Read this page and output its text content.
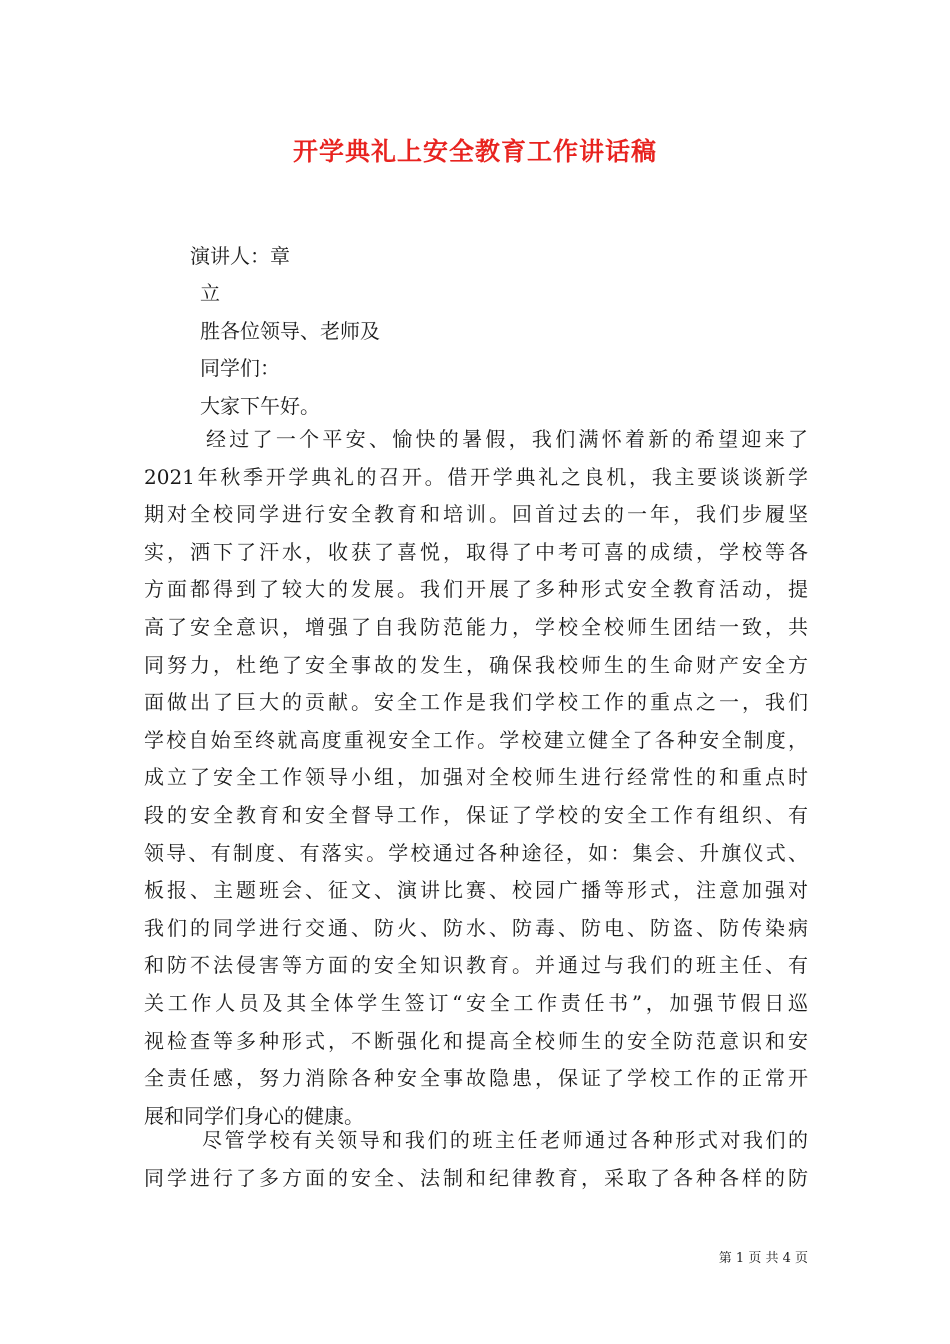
开学典礼上安全教育工作讲话稿
演讲人：章
立
胜各位领导、老师及
同学们：
大家下午好。
经过了一个平安、愉快的暑假，我们满怀着新的希望迎来了
2021年秋季开学典礼的召开。借开学典礼之良机，我主要谈谈新学
期对全校同学进行安全教育和培训。回首过去的一年，我们步履坚
实，洒下了汗水，收获了喜悦，取得了中考可喜的成绩，学校等各
方面都得到了较大的发展。我们开展了多种形式安全教育活动，提
高了安全意识，增强了自我防范能力，学校全校师生团结一致，共
同努力，杜绝了安全事故的发生，确保我校师生的生命财产安全方
面做出了巨大的贡献。安全工作是我们学校工作的重点之一，我们
学校自始至终就高度重视安全工作。学校建立健全了各种安全制度，
成立了安全工作领导小组，加强对全校师生进行经常性的和重点时
段的安全教育和安全督导工作，保证了学校的安全工作有组织、有
领导、有制度、有落实。学校通过各种途径，如：集会、升旗仪式、
板报、主题班会、征文、演讲比赛、校园广播等形式，注意加强对
我们的同学进行交通、防火、防水、防毒、防电、防盗、防传染病
和防不法侵害等方面的安全知识教育。并通过与我们的班主任、有
关工作人员及其全体学生签订“安全工作责任书”，加强节假日巡
视检查等多种形式，不断强化和提高全校师生的安全防范意识和安
全责任感，努力消除各种安全事故隐患，保证了学校工作的正常开
展和同学们身心的健康。
尽管学校有关领导和我们的班主任老师通过各种形式对我们的
同学进行了多方面的安全、法制和纪律教育，采取了各种各样的防
第 1 页 共 4 页
